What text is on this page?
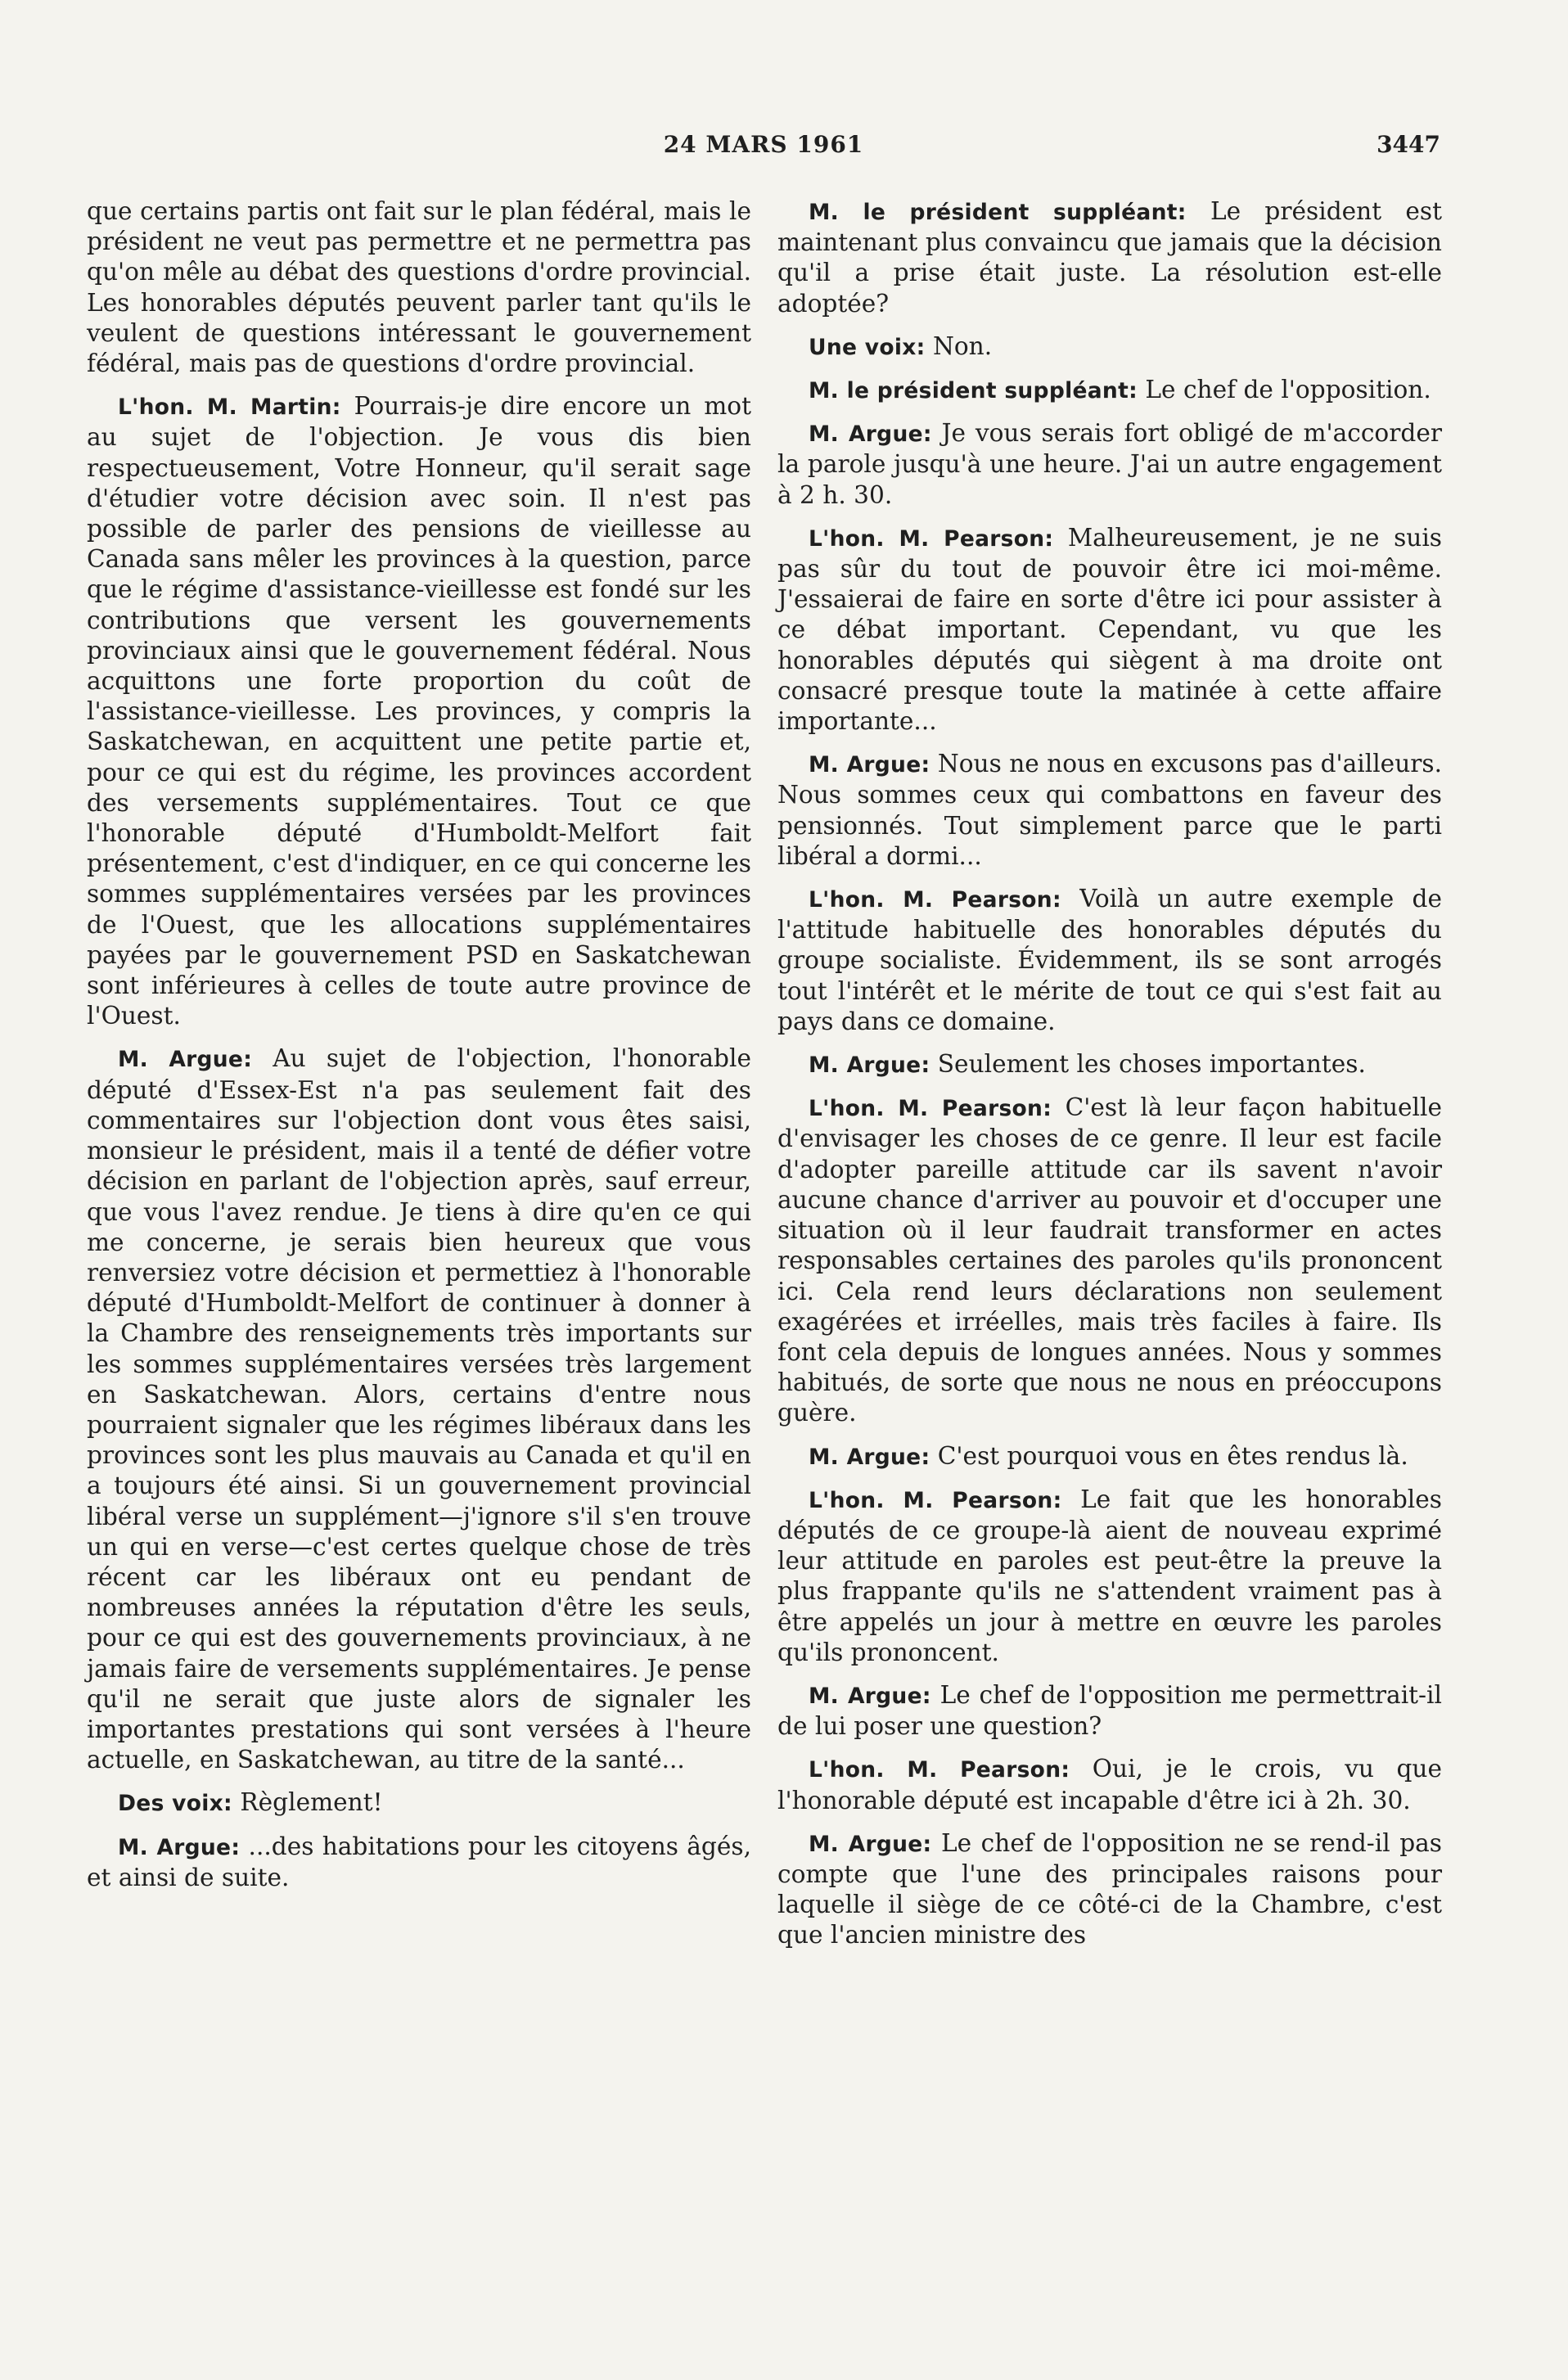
24 MARS 1961	3447

que certains partis ont fait sur le plan fédéral, mais le président ne veut pas permettre et ne permettra pas qu'on mêle au débat des questions d'ordre provincial. Les honorables députés peuvent parler tant qu'ils le veulent de questions intéressant le gouvernement fédéral, mais pas de questions d'ordre provincial.

L'hon. M. Martin: Pourrais-je dire encore un mot au sujet de l'objection. Je vous dis bien respectueusement, Votre Honneur, qu'il serait sage d'étudier votre décision avec soin. Il n'est pas possible de parler des pensions de vieillesse au Canada sans mêler les provinces à la question, parce que le régime d'assistance-vieillesse est fondé sur les contributions que versent les gouvernements provinciaux ainsi que le gouvernement fédéral. Nous acquittons une forte proportion du coût de l'assistance-vieillesse. Les provinces, y compris la Saskatchewan, en acquittent une petite partie et, pour ce qui est du régime, les provinces accordent des versements supplémentaires. Tout ce que l'honorable député d'Humboldt-Melfort fait présentement, c'est d'indiquer, en ce qui concerne les sommes supplémentaires versées par les provinces de l'Ouest, que les allocations supplémentaires payées par le gouvernement PSD en Saskatchewan sont inférieures à celles de toute autre province de l'Ouest.

M. Argue: Au sujet de l'objection, l'honorable député d'Essex-Est n'a pas seulement fait des commentaires sur l'objection dont vous êtes saisi, monsieur le président, mais il a tenté de défier votre décision en parlant de l'objection après, sauf erreur, que vous l'avez rendue. Je tiens à dire qu'en ce qui me concerne, je serais bien heureux que vous renversiez votre décision et permettiez à l'honorable député d'Humboldt-Melfort de continuer à donner à la Chambre des renseignements très importants sur les sommes supplémentaires versées très largement en Saskatchewan. Alors, certains d'entre nous pourraient signaler que les régimes libéraux dans les provinces sont les plus mauvais au Canada et qu'il en a toujours été ainsi. Si un gouvernement provincial libéral verse un supplément—j'ignore s'il s'en trouve un qui en verse—c'est certes quelque chose de très récent car les libéraux ont eu pendant de nombreuses années la réputation d'être les seuls, pour ce qui est des gouvernements provinciaux, à ne jamais faire de versements supplémentaires. Je pense qu'il ne serait que juste alors de signaler les importantes prestations qui sont versées à l'heure actuelle, en Saskatchewan, au titre de la santé...

Des voix: Règlement!

M. Argue: ...des habitations pour les citoyens âgés, et ainsi de suite.

M. le président suppléant: Le président est maintenant plus convaincu que jamais que la décision qu'il a prise était juste. La résolution est-elle adoptée?

Une voix: Non.

M. le président suppléant: Le chef de l'opposition.

M. Argue: Je vous serais fort obligé de m'accorder la parole jusqu'à une heure. J'ai un autre engagement à 2 h. 30.

L'hon. M. Pearson: Malheureusement, je ne suis pas sûr du tout de pouvoir être ici moi-même. J'essaierai de faire en sorte d'être ici pour assister à ce débat important. Cependant, vu que les honorables députés qui siègent à ma droite ont consacré presque toute la matinée à cette affaire importante...

M. Argue: Nous ne nous en excusons pas d'ailleurs. Nous sommes ceux qui combattons en faveur des pensionnés. Tout simplement parce que le parti libéral a dormi...

L'hon. M. Pearson: Voilà un autre exemple de l'attitude habituelle des honorables députés du groupe socialiste. Évidemment, ils se sont arrogés tout l'intérêt et le mérite de tout ce qui s'est fait au pays dans ce domaine.

M. Argue: Seulement les choses importantes.

L'hon. M. Pearson: C'est là leur façon habituelle d'envisager les choses de ce genre. Il leur est facile d'adopter pareille attitude car ils savent n'avoir aucune chance d'arriver au pouvoir et d'occuper une situation où il leur faudrait transformer en actes responsables certaines des paroles qu'ils prononcent ici. Cela rend leurs déclarations non seulement exagérées et irréelles, mais très faciles à faire. Ils font cela depuis de longues années. Nous y sommes habitués, de sorte que nous ne nous en préoccupons guère.

M. Argue: C'est pourquoi vous en êtes rendus là.

L'hon. M. Pearson: Le fait que les honorables députés de ce groupe-là aient de nouveau exprimé leur attitude en paroles est peut-être la preuve la plus frappante qu'ils ne s'attendent vraiment pas à être appelés un jour à mettre en œuvre les paroles qu'ils prononcent.

M. Argue: Le chef de l'opposition me permettrait-il de lui poser une question?

L'hon. M. Pearson: Oui, je le crois, vu que l'honorable député est incapable d'être ici à 2h. 30.

M. Argue: Le chef de l'opposition ne se rend-il pas compte que l'une des principales raisons pour laquelle il siège de ce côté-ci de la Chambre, c'est que l'ancien ministre des
